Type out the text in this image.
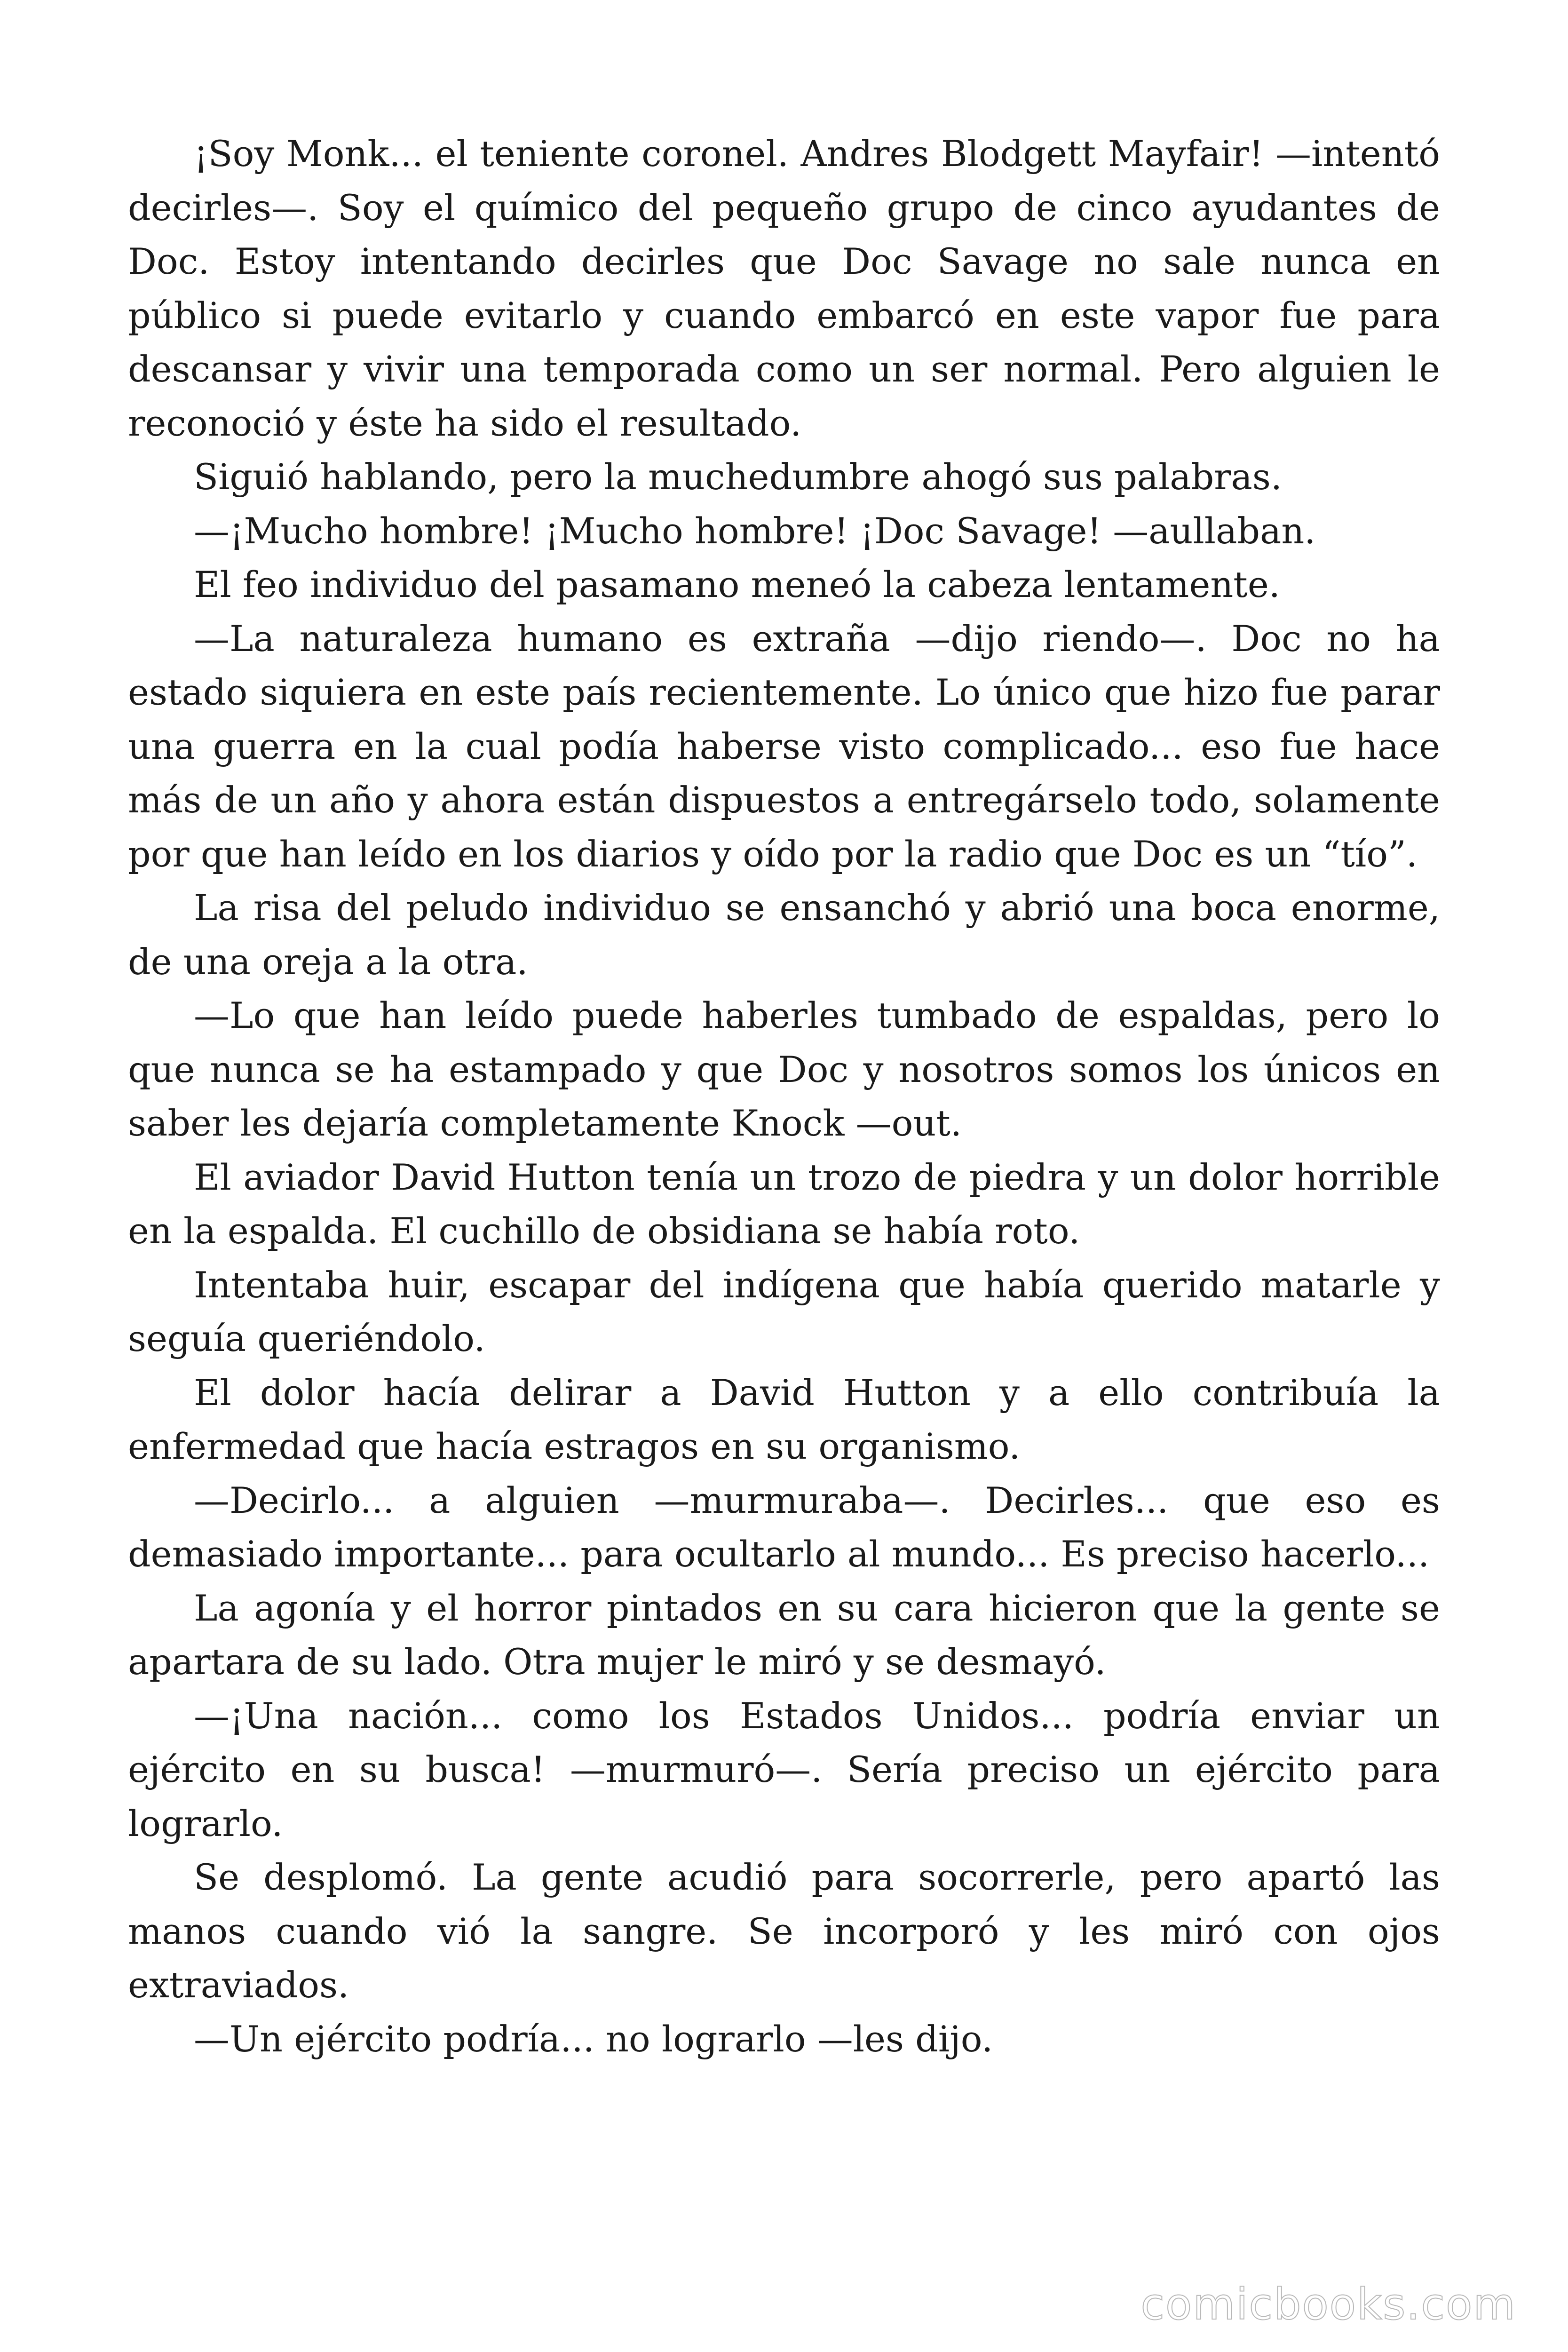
¡Soy Monk... el teniente coronel. Andres Blodgett Mayfair! —intentó decirles—. Soy el químico del pequeño grupo de cinco ayudantes de Doc. Estoy intentando decirles que Doc Savage no sale nunca en público si puede evitarlo y cuando embarcó en este vapor fue para descansar y vivir una temporada como un ser normal. Pero alguien le reconoció y éste ha sido el resultado.

Siguió hablando, pero la muchedumbre ahogó sus palabras.

—¡Mucho hombre! ¡Mucho hombre! ¡Doc Savage! —aullaban.

El feo individuo del pasamano meneó la cabeza lentamente.

—La naturaleza humano es extraña —dijo riendo—. Doc no ha estado siquiera en este país recientemente. Lo único que hizo fue parar una guerra en la cual podía haberse visto complicado... eso fue hace más de un año y ahora están dispuestos a entregárselo todo, solamente por que han leído en los diarios y oído por la radio que Doc es un “tío”.

La risa del peludo individuo se ensanchó y abrió una boca enorme, de una oreja a la otra.

—Lo que han leído puede haberles tumbado de espaldas, pero lo que nunca se ha estampado y que Doc y nosotros somos los únicos en saber les dejaría completamente Knock —out.

El aviador David Hutton tenía un trozo de piedra y un dolor horrible en la espalda. El cuchillo de obsidiana se había roto.

Intentaba huir, escapar del indígena que había querido matarle y seguía queriéndolo.

El dolor hacía delirar a David Hutton y a ello contribuía la enfermedad que hacía estragos en su organismo.

—Decirlo... a alguien —murmuraba—. Decirles... que eso es demasiado importante... para ocultarlo al mundo... Es preciso hacerlo...

La agonía y el horror pintados en su cara hicieron que la gente se apartara de su lado. Otra mujer le miró y se desmayó.

—¡Una nación... como los Estados Unidos... podría enviar un ejército en su busca! —murmuró—. Sería preciso un ejército para lograrlo.

Se desplomó. La gente acudió para socorrerle, pero apartó las manos cuando vió la sangre. Se incorporó y les miró con ojos extraviados.

—Un ejército podría... no lograrlo —les dijo.

comicbooks.com
